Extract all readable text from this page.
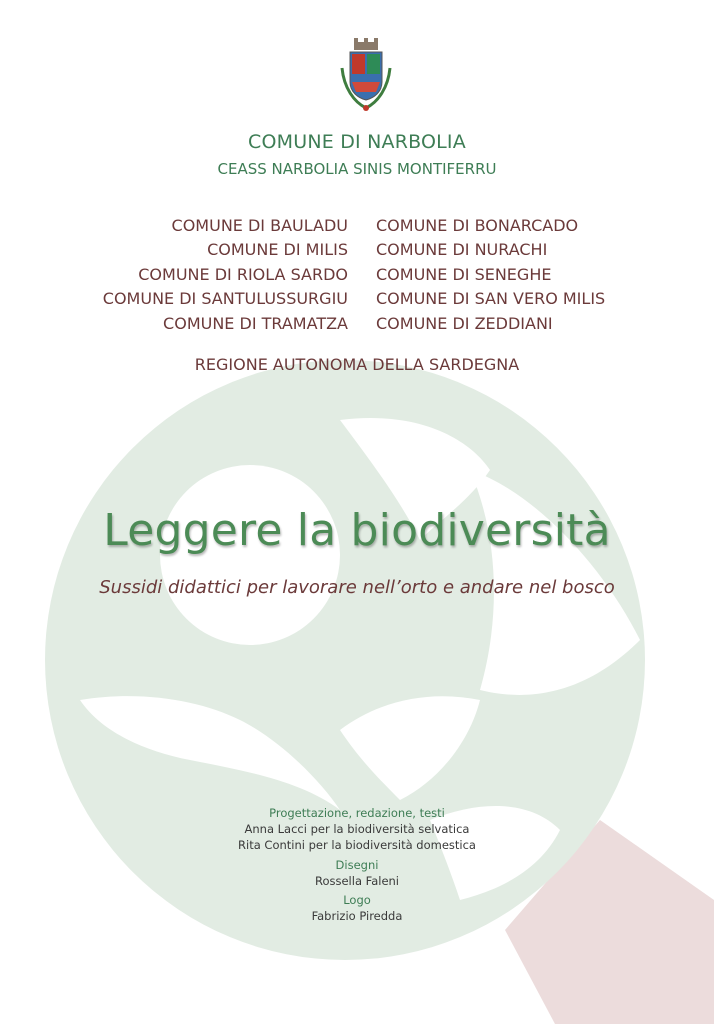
COMUNE DI NARBOLIA
CEASS NARBOLIA SINIS MONTIFERRU
COMUNE DI BAULADU
COMUNE DI MILIS
COMUNE DI RIOLA SARDO
COMUNE DI SANTULUSSURGIU
COMUNE DI TRAMATZA
COMUNE DI BONARCADO
COMUNE DI NURACHI
COMUNE DI SENEGHE
COMUNE DI SAN VERO MILIS
COMUNE DI ZEDDIANI
REGIONE AUTONOMA DELLA SARDEGNA
Leggere la biodiversità
Sussidi didattici per lavorare nell’orto e andare nel bosco
Progettazione, redazione, testi
Anna Lacci per la biodiversità selvatica
Rita Contini per la biodiversità domestica
Disegni
Rossella Faleni
Logo
Fabrizio Piredda
